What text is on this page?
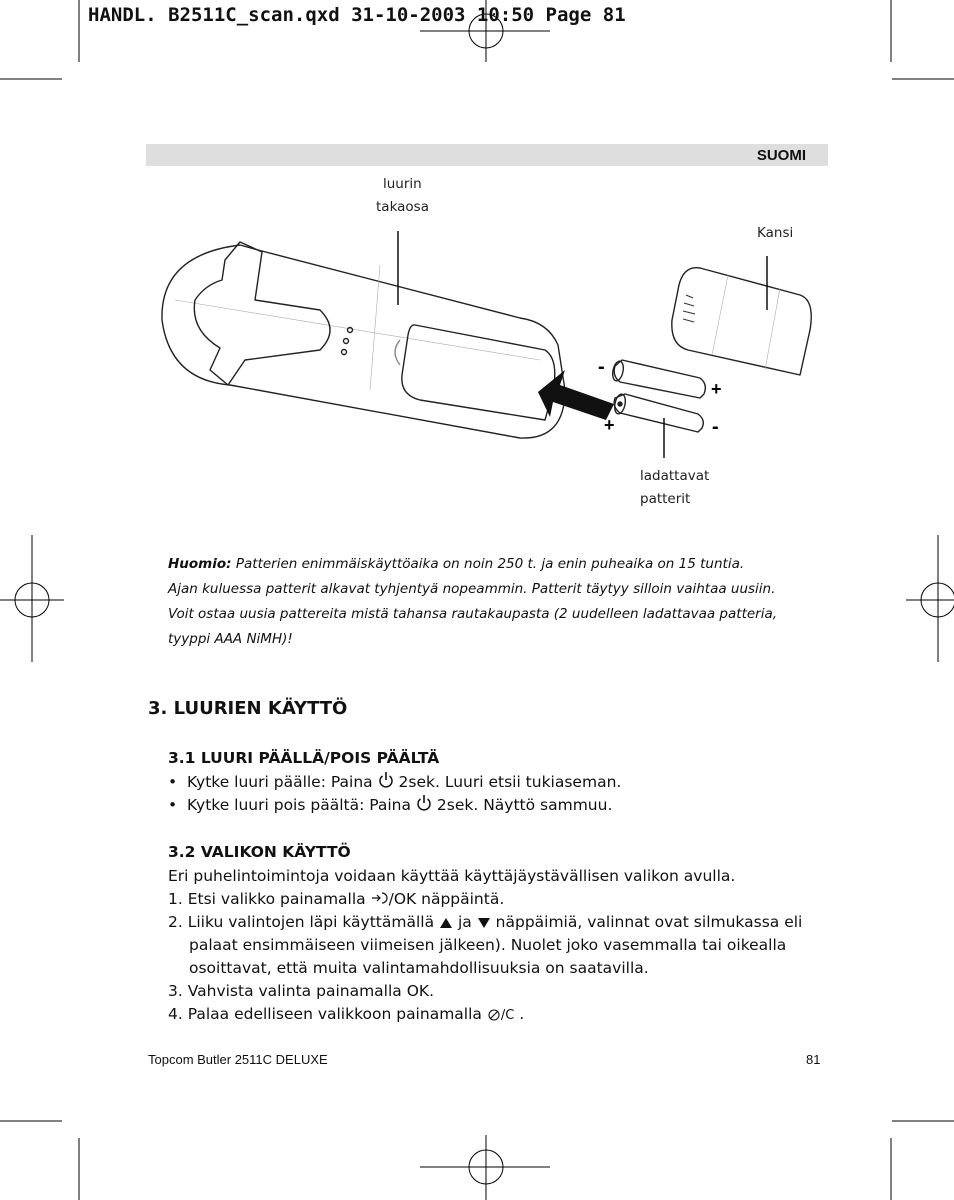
HANDL. B2511C_scan.qxd 31-10-2003 10:50 Page 81
SUOMI
luurin
takaosa
Kansi
ladattavat
patterit
-
+
+	-
Huomio: Patterien enimmäiskäyttöaika on noin 250 t. ja enin puheaika on 15 tuntia.
Ajan kuluessa patterit alkavat tyhjentyä nopeammin. Patterit täytyy silloin vaihtaa uusiin.
Voit ostaa uusia pattereita mistä tahansa rautakaupasta (2 uudelleen ladattavaa patteria,
tyyppi AAA NiMH)!
3. LUURIEN KÄYTTÖ
3.1 LUURI PÄÄLLÄ/POIS PÄÄLTÄ
• Kytke luuri päälle: Paina 2sek. Luuri etsii tukiaseman.
• Kytke luuri pois päältä: Paina 2sek. Näyttö sammuu.
3.2 VALIKON KÄYTTÖ
Eri puhelintoimintoja voidaan käyttää käyttäjäystävällisen valikon avulla.
1. Etsi valikko painamalla /OK näppäintä.
2. Liiku valintojen läpi käyttämällä ja näppäimiä, valinnat ovat silmukassa eli
palaat ensimmäiseen viimeisen jälkeen). Nuolet joko vasemmalla tai oikealla
osoittavat, että muita valintamahdollisuuksia on saatavilla.
3. Vahvista valinta painamalla OK.
4. Palaa edelliseen valikkoon painamalla /C .
Topcom Butler 2511C DELUXE	81
